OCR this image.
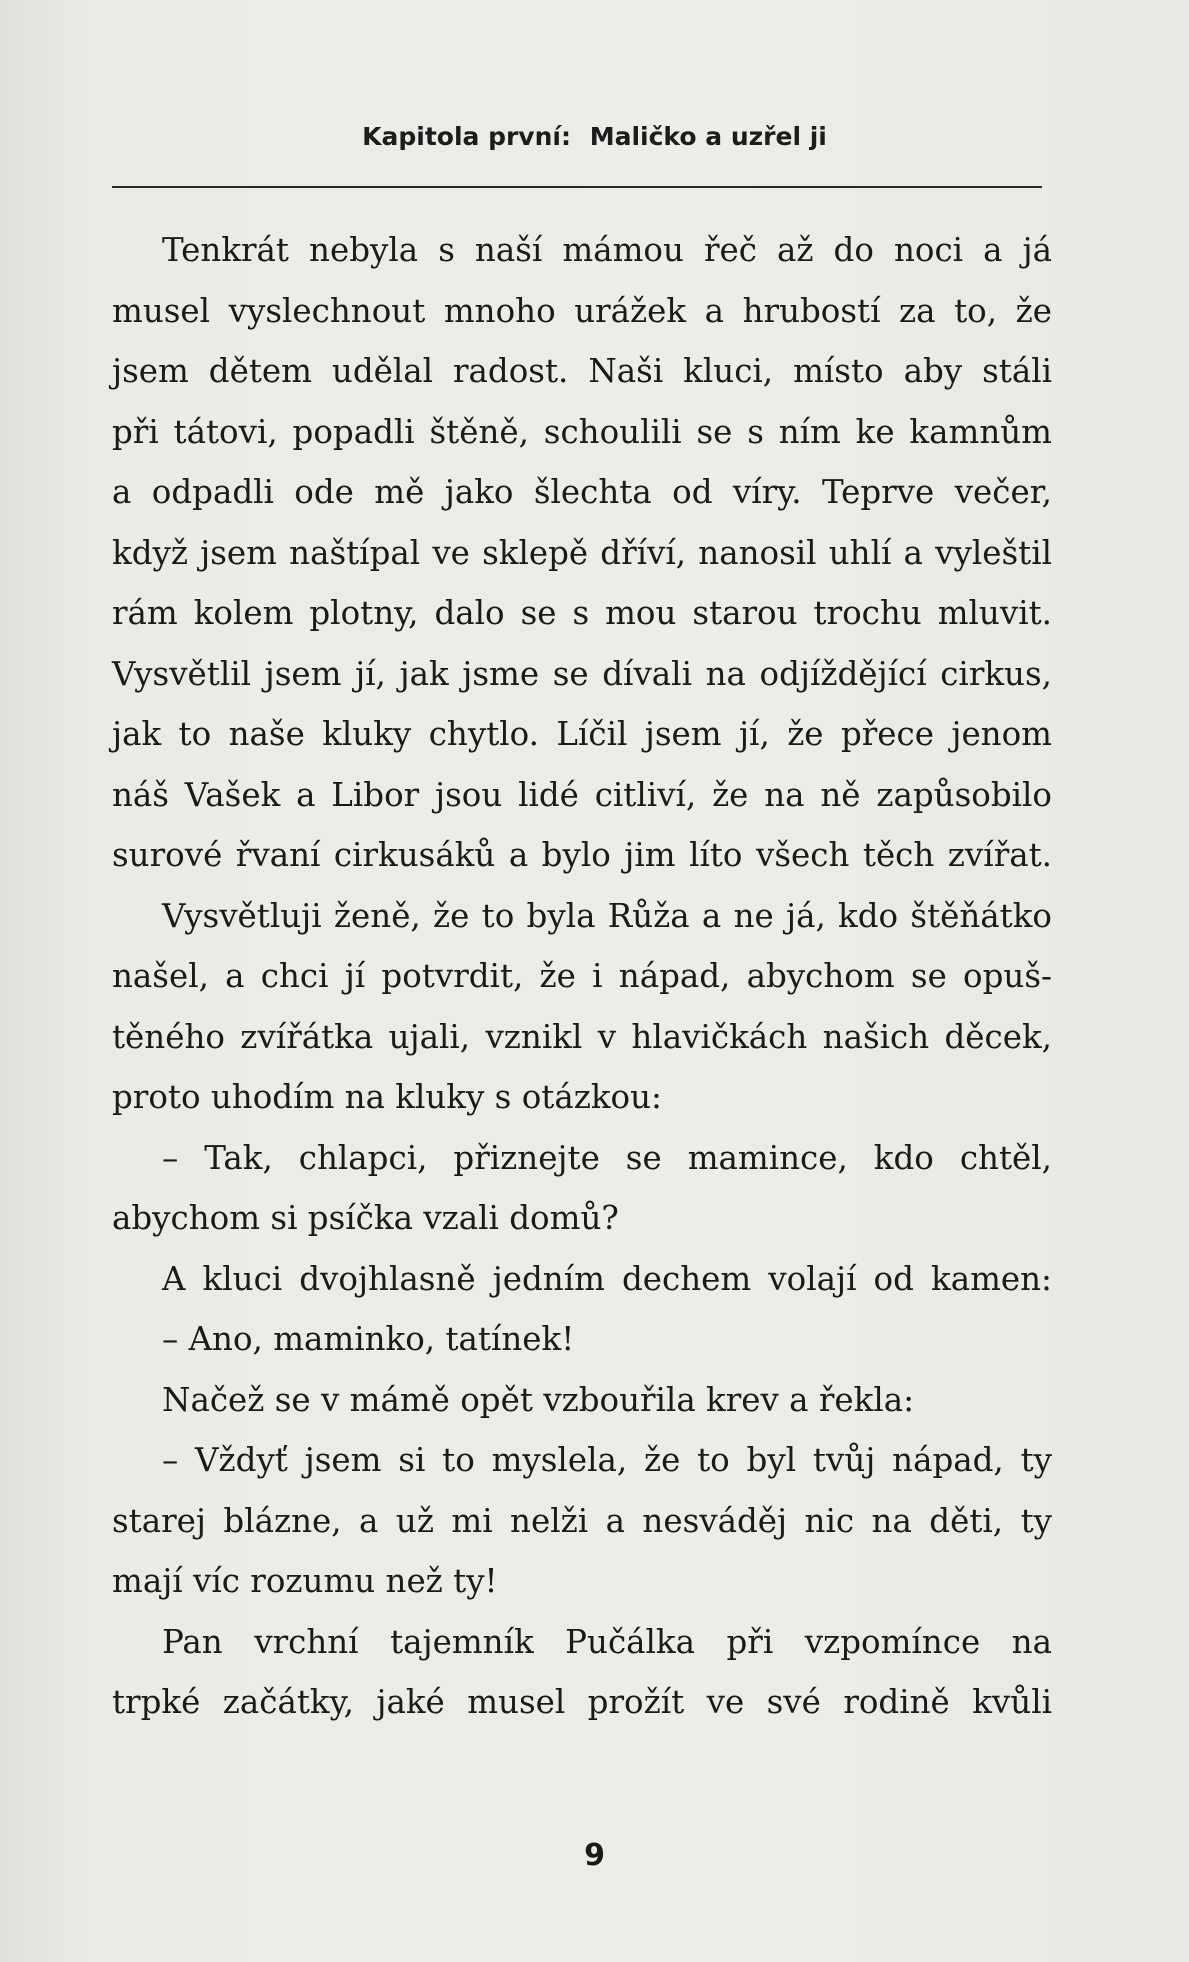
Kapitola první: Maličko a uzřel ji
Tenkrát nebyla s naší mámou řeč až do noci a já
musel vyslechnout mnoho urážek a hrubostí za to, že
jsem dětem udělal radost. Naši kluci, místo aby stáli
při tátovi, popadli štěně, schoulili se s ním ke kamnům
a odpadli ode mě jako šlechta od víry. Teprve večer,
když jsem naštípal ve sklepě dříví, nanosil uhlí a vyleštil
rám kolem plotny, dalo se s mou starou trochu mluvit.
Vysvětlil jsem jí, jak jsme se dívali na odjíždějící cirkus,
jak to naše kluky chytlo. Líčil jsem jí, že přece jenom
náš Vašek a Libor jsou lidé citliví, že na ně zapůsobilo
surové řvaní cirkusáků a bylo jim líto všech těch zvířat.
Vysvětluji ženě, že to byla Růža a ne já, kdo štěňátko
našel, a chci jí potvrdit, že i nápad, abychom se opuš-
těného zvířátka ujali, vznikl v hlavičkách našich děcek,
proto uhodím na kluky s otázkou:
– Tak, chlapci, přiznejte se mamince, kdo chtěl,
abychom si psíčka vzali domů?
A kluci dvojhlasně jedním dechem volají od kamen:
– Ano, maminko, tatínek!
Načež se v mámě opět vzbouřila krev a řekla:
– Vždyť jsem si to myslela, že to byl tvůj nápad, ty
starej blázne, a už mi nelži a nesváděj nic na děti, ty
mají víc rozumu než ty!
Pan vrchní tajemník Pučálka při vzpomínce na
trpké začátky, jaké musel prožít ve své rodině kvůli
9
